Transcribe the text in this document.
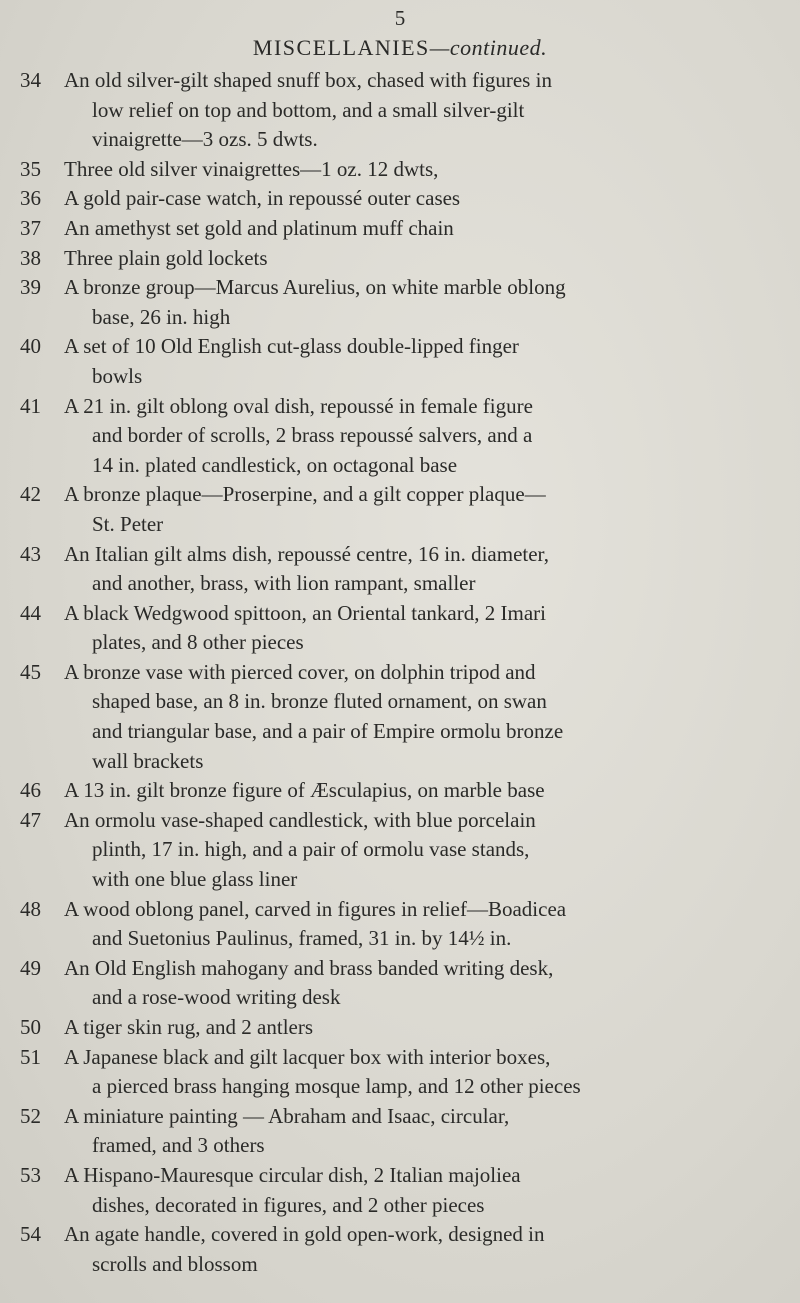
5
MISCELLANIES—continued.
34	An old silver-gilt shaped snuff box, chased with figures in
low relief on top and bottom, and a small silver-gilt
vinaigrette—3 ozs. 5 dwts.
35	Three old silver vinaigrettes—1 oz. 12 dwts,
36	A gold pair-case watch, in repoussé outer cases
37	An amethyst set gold and platinum muff chain
38	Three plain gold lockets
39	A bronze group—Marcus Aurelius, on white marble oblong
base, 26 in. high
40	A set of 10 Old English cut-glass double-lipped finger
bowls
41	A 21 in. gilt oblong oval dish, repoussé in female figure
and border of scrolls, 2 brass repoussé salvers, and a
14 in. plated candlestick, on octagonal base
42	A bronze plaque—Proserpine, and a gilt copper plaque—
St. Peter
43	An Italian gilt alms dish, repoussé centre, 16 in. diameter,
and another, brass, with lion rampant, smaller
44	A black Wedgwood spittoon, an Oriental tankard, 2 Imari
plates, and 8 other pieces
45	A bronze vase with pierced cover, on dolphin tripod and
shaped base, an 8 in. bronze fluted ornament, on swan
and triangular base, and a pair of Empire ormolu bronze
wall brackets
46	A 13 in. gilt bronze figure of Æsculapius, on marble base
47	An ormolu vase-shaped candlestick, with blue porcelain
plinth, 17 in. high, and a pair of ormolu vase stands,
with one blue glass liner
48	A wood oblong panel, carved in figures in relief—Boadicea
and Suetonius Paulinus, framed, 31 in. by 14½ in.
49	An Old English mahogany and brass banded writing desk,
and a rose-wood writing desk
50	A tiger skin rug, and 2 antlers
51	A Japanese black and gilt lacquer box with interior boxes,
a pierced brass hanging mosque lamp, and 12 other pieces
52	A miniature painting — Abraham and Isaac, circular,
framed, and 3 others
53	A Hispano-Mauresque circular dish, 2 Italian majoliea
dishes, decorated in figures, and 2 other pieces
54	An agate handle, covered in gold open-work, designed in
scrolls and blossom
